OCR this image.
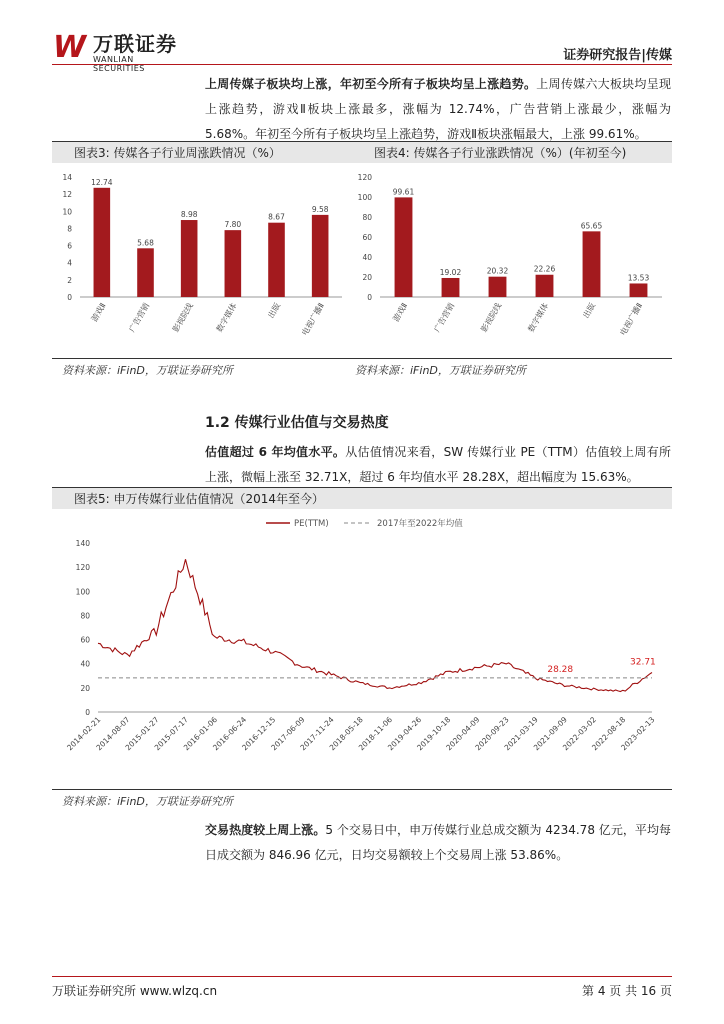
W 万联证券
WANLIAN SECURITIES
证券研究报告|传媒
上周传媒子板块均上涨，年初至今所有子板块均呈上涨趋势。上周传媒六大板块均呈现上涨趋势，游戏Ⅱ板块上涨最多，涨幅为 12.74%，广告营销上涨最少，涨幅为 5.68%。年初至今所有子板块均呈上涨趋势，游戏Ⅱ板块涨幅最大，上涨 99.61%。
图表3: 传媒各子行业周涨跌情况（%）	图表4: 传媒各子行业涨跌情况（%）(年初至今)
0
2
4
6
8
10
12
14
12.74
游戏Ⅱ
5.68
广告营销
8.98
影视院线
7.80
数字媒体
8.67
出版
9.58
电视广播Ⅱ
0
20
40
60
80
100
120
99.61
游戏Ⅱ
19.02
广告营销
20.32
影视院线
22.26
数字媒体
65.65
出版
13.53
电视广播Ⅱ
资料来源：iFinD，万联证券研究所	资料来源：iFinD，万联证券研究所
1.2 传媒行业估值与交易热度
估值超过 6 年均值水平。从估值情况来看，SW 传媒行业 PE（TTM）估值较上周有所上涨，微幅上涨至 32.71X，超过 6 年均值水平 28.28X，超出幅度为 15.63%。
图表5: 申万传媒行业估值情况（2014年至今）
PE(TTM)	2017年至2022年均值
0
20
40
60
80
100
120
140
28.28
32.71
2014-02-21
2014-08-07
2015-01-27
2015-07-17
2016-01-06
2016-06-24
2016-12-15
2017-06-09
2017-11-24
2018-05-18
2018-11-06
2019-04-26
2019-10-18
2020-04-09
2020-09-23
2021-03-19
2021-09-09
2022-03-02
2022-08-18
2023-02-13
资料来源：iFinD，万联证券研究所
交易热度较上周上涨。5 个交易日中，申万传媒行业总成交额为 4234.78 亿元，平均每日成交额为 846.96 亿元，日均交易额较上个交易周上涨 53.86%。
万联证券研究所 www.wlzq.cn	第 4 页 共 16 页
